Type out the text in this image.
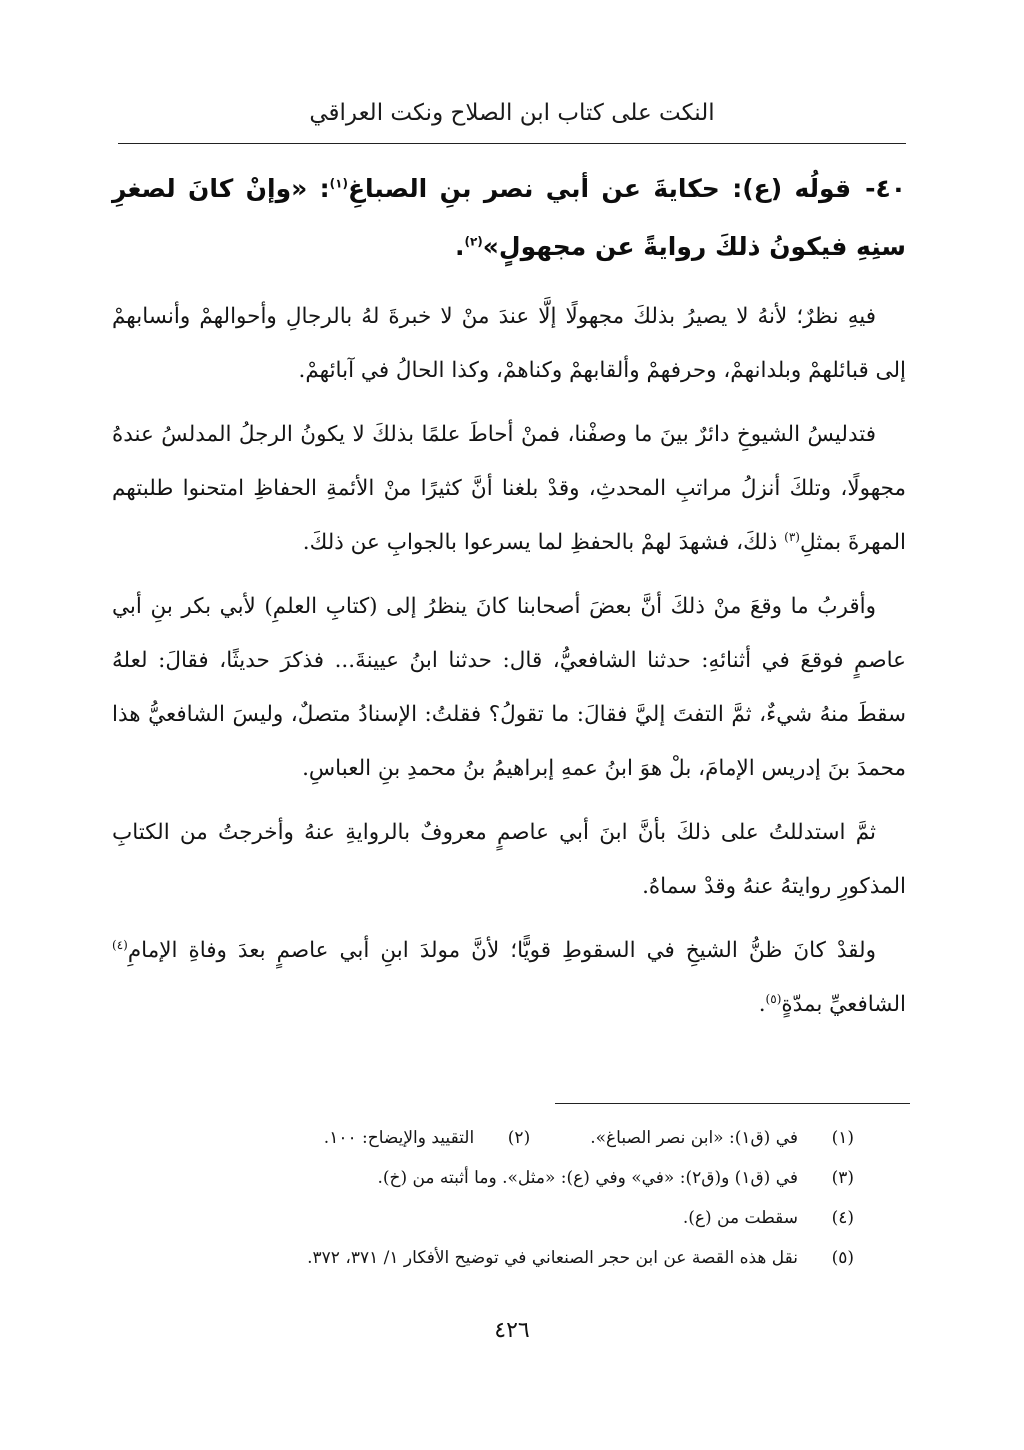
النكت على كتاب ابن الصلاح ونكت العراقي
٤٠-قولُه (ع): حكايةَ عن أبي نصر بنِ الصباغِ$^{(١)}$: «وإنْ كانَ لصغرِ سنِهِ فيكونُ ذلكَ روايةً عن مجهولٍ»$^{(٢)}$.

فيهِ نظرٌ؛ لأنهُ لا يصيرُ بذلكَ مجهولًا إلَّا عندَ منْ لا خبرةَ لهُ بالرجالِ وأحوالهمْ وأنسابهمْ إلى قبائلهمْ وبلدانهمْ، وحرفهمْ وألقابهمْ وكناهمْ، وكذا الحالُ في آبائهمْ.

فتدليسُ الشيوخِ دائرٌ بينَ ما وصفْنا، فمنْ أحاطَ علمًا بذلكَ لا يكونُ الرجلُ المدلسُ عندهُ مجهولًا، وتلكَ أنزلُ مراتبِ المحدثِ، وقدْ بلغنا أنَّ كثيرًا منْ الأئمةِ الحفاظِ امتحنوا طلبتهم المهرةَ بمثلِ$^{(٣)}$ ذلكَ، فشهدَ لهمْ بالحفظِ لما يسرعوا بالجوابِ عن ذلكَ.

وأقربُ ما وقعَ منْ ذلكَ أنَّ بعضَ أصحابنا كانَ ينظرُ إلى (كتابِ العلمِ) لأبي بكر بنِ أبي عاصمٍ فوقعَ في أثنائهِ: حدثنا الشافعيُّ، قال: حدثنا ابنُ عيينةَ... فذكرَ حديثًا، فقالَ: لعلهُ سقطَ منهُ شيءٌ، ثمَّ التفتَ إليَّ فقالَ: ما تقولُ؟ فقلتُ: الإسنادُ متصلٌ، وليسَ الشافعيُّ هذا محمدَ بنَ إدريس الإمامَ، بلْ هوَ ابنُ عمهِ إبراهيمُ بنُ محمدِ بنِ العباسِ.

ثمَّ استدللتُ على ذلكَ بأنَّ ابنَ أبي عاصمٍ معروفٌ بالروايةِ عنهُ وأخرجتُ من الكتابِ المذكورِ روايتهُ عنهُ وقدْ سماهُ.

ولقدْ كانَ ظنُّ الشيخِ في السقوطِ قويًّا؛ لأنَّ مولدَ ابنِ أبي عاصمٍ بعدَ وفاةِ الإمامِ$^{(٤)}$ الشافعيِّ بمدّةٍ$^{(٥)}$.

(١)
في (ق١): «ابن نصر الصباغ».
(٢)
التقييد والإيضاح: ١٠٠.
(٣)
في (ق١) و(ق٢): «في» وفي (ع): «مثل». وما أثبته من (خ).
(٤)
سقطت من (ع).
(٥)
نقل هذه القصة عن ابن حجر الصنعاني في توضيح الأفكار ١/ ٣٧١، ٣٧٢.
٤٢٦
